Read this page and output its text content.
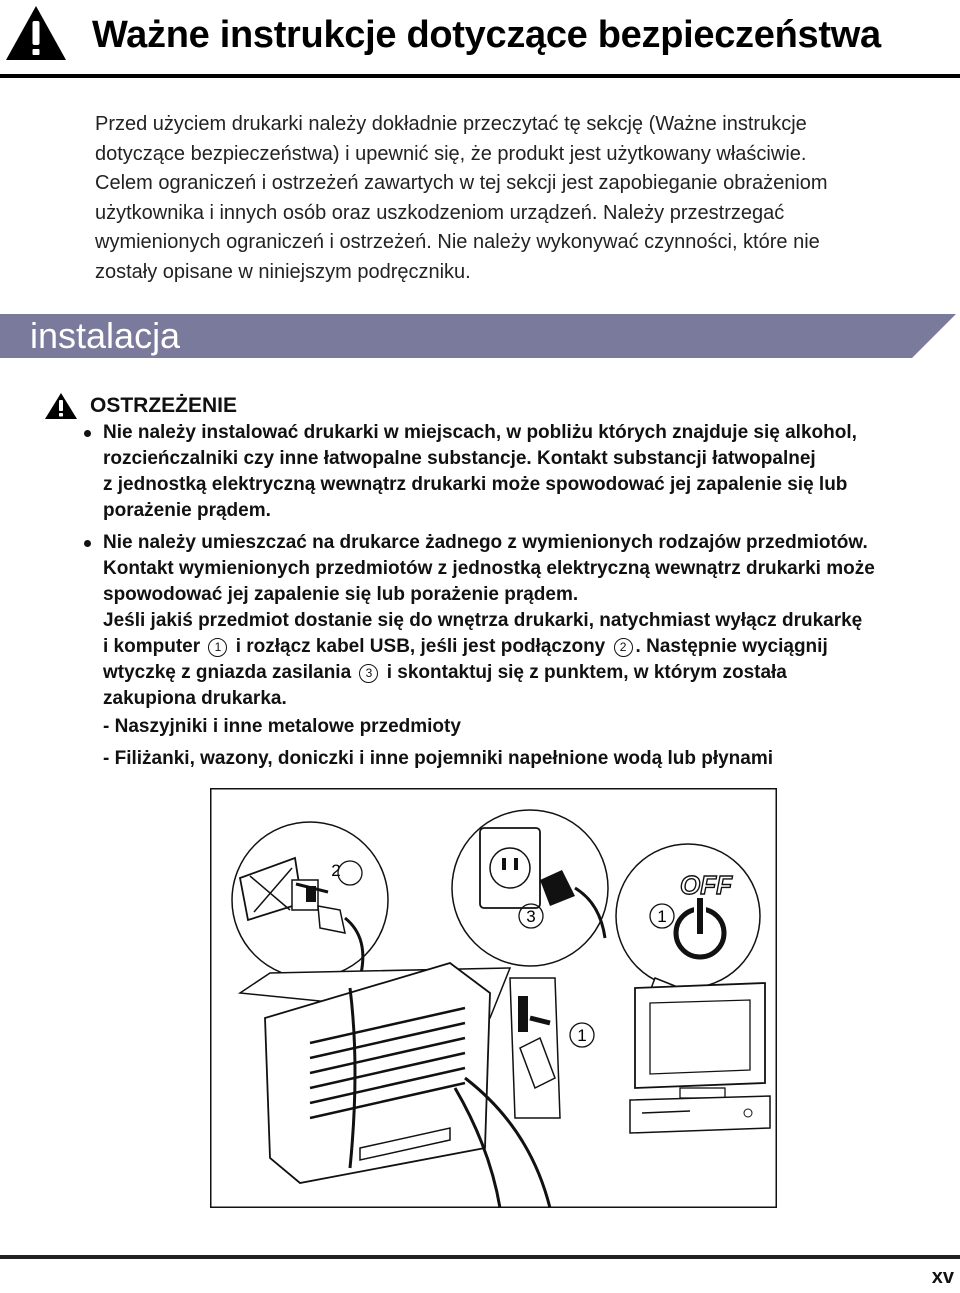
Ważne instrukcje dotyczące bezpieczeństwa

Przed użyciem drukarki należy dokładnie przeczytać tę sekcję (Ważne instrukcje

dotyczące bezpieczeństwa) i upewnić się, że produkt jest użytkowany właściwie.

Celem ograniczeń i ostrzeżeń zawartych w tej sekcji jest zapobieganie obrażeniom

użytkownika i innych osób oraz uszkodzeniom urządzeń. Należy przestrzegać

wymienionych ograniczeń i ostrzeżeń. Nie należy wykonywać czynności, które nie

zostały opisane w niniejszym podręczniku.

instalacja
OSTRZEŻENIE

Nie należy instalować drukarki w miejscach, w pobliżu których znajduje się alkohol,

rozcieńczalniki czy inne łatwopalne substancje. Kontakt substancji łatwopalnej

z jednostką elektryczną wewnątrz drukarki może spowodować jej zapalenie się lub

porażenie prądem.

Nie należy umieszczać na drukarce żadnego z wymienionych rodzajów przedmiotów.

Kontakt wymienionych przedmiotów z jednostką elektryczną wewnątrz drukarki może

spowodować jej zapalenie się lub porażenie prądem.

Jeśli jakiś przedmiot dostanie się do wnętrza drukarki, natychmiast wyłącz drukarkę

i komputer 1 i rozłącz kabel USB, jeśli jest podłączony 2 . Następnie wyciągnij

wtyczkę z gniazda zasilania 3 i skontaktuj się z punktem, w którym została

zakupiona drukarka.

- Naszyjniki i inne metalowe przedmioty
- Filiżanki, wazony, doniczki i inne pojemniki napełnione wodą lub płynami
2
3
OFF
1
1
xv
